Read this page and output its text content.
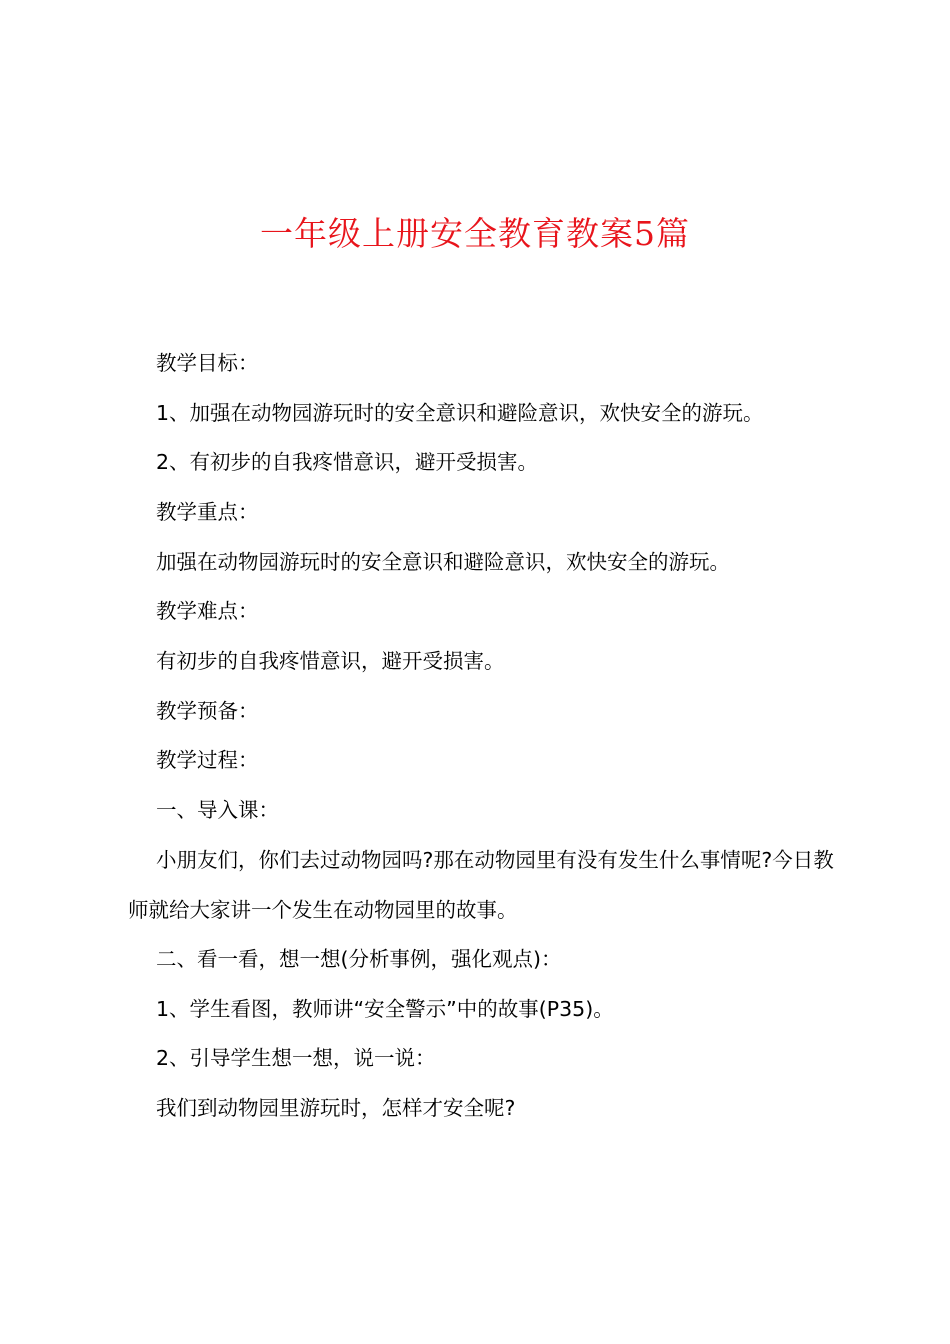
一年级上册安全教育教案5篇
教学目标：
1、加强在动物园游玩时的安全意识和避险意识，欢快安全的游玩。
2、有初步的自我疼惜意识，避开受损害。
教学重点：
加强在动物园游玩时的安全意识和避险意识，欢快安全的游玩。
教学难点：
有初步的自我疼惜意识，避开受损害。
教学预备：
教学过程：
一、导入课：
小朋友们，你们去过动物园吗?那在动物园里有没有发生什么事情呢?今日教师就给大家讲一个发生在动物园里的故事。
二、看一看，想一想(分析事例，强化观点)：
1、学生看图，教师讲“安全警示”中的故事(P35)。
2、引导学生想一想，说一说：
我们到动物园里游玩时，怎样才安全呢?
